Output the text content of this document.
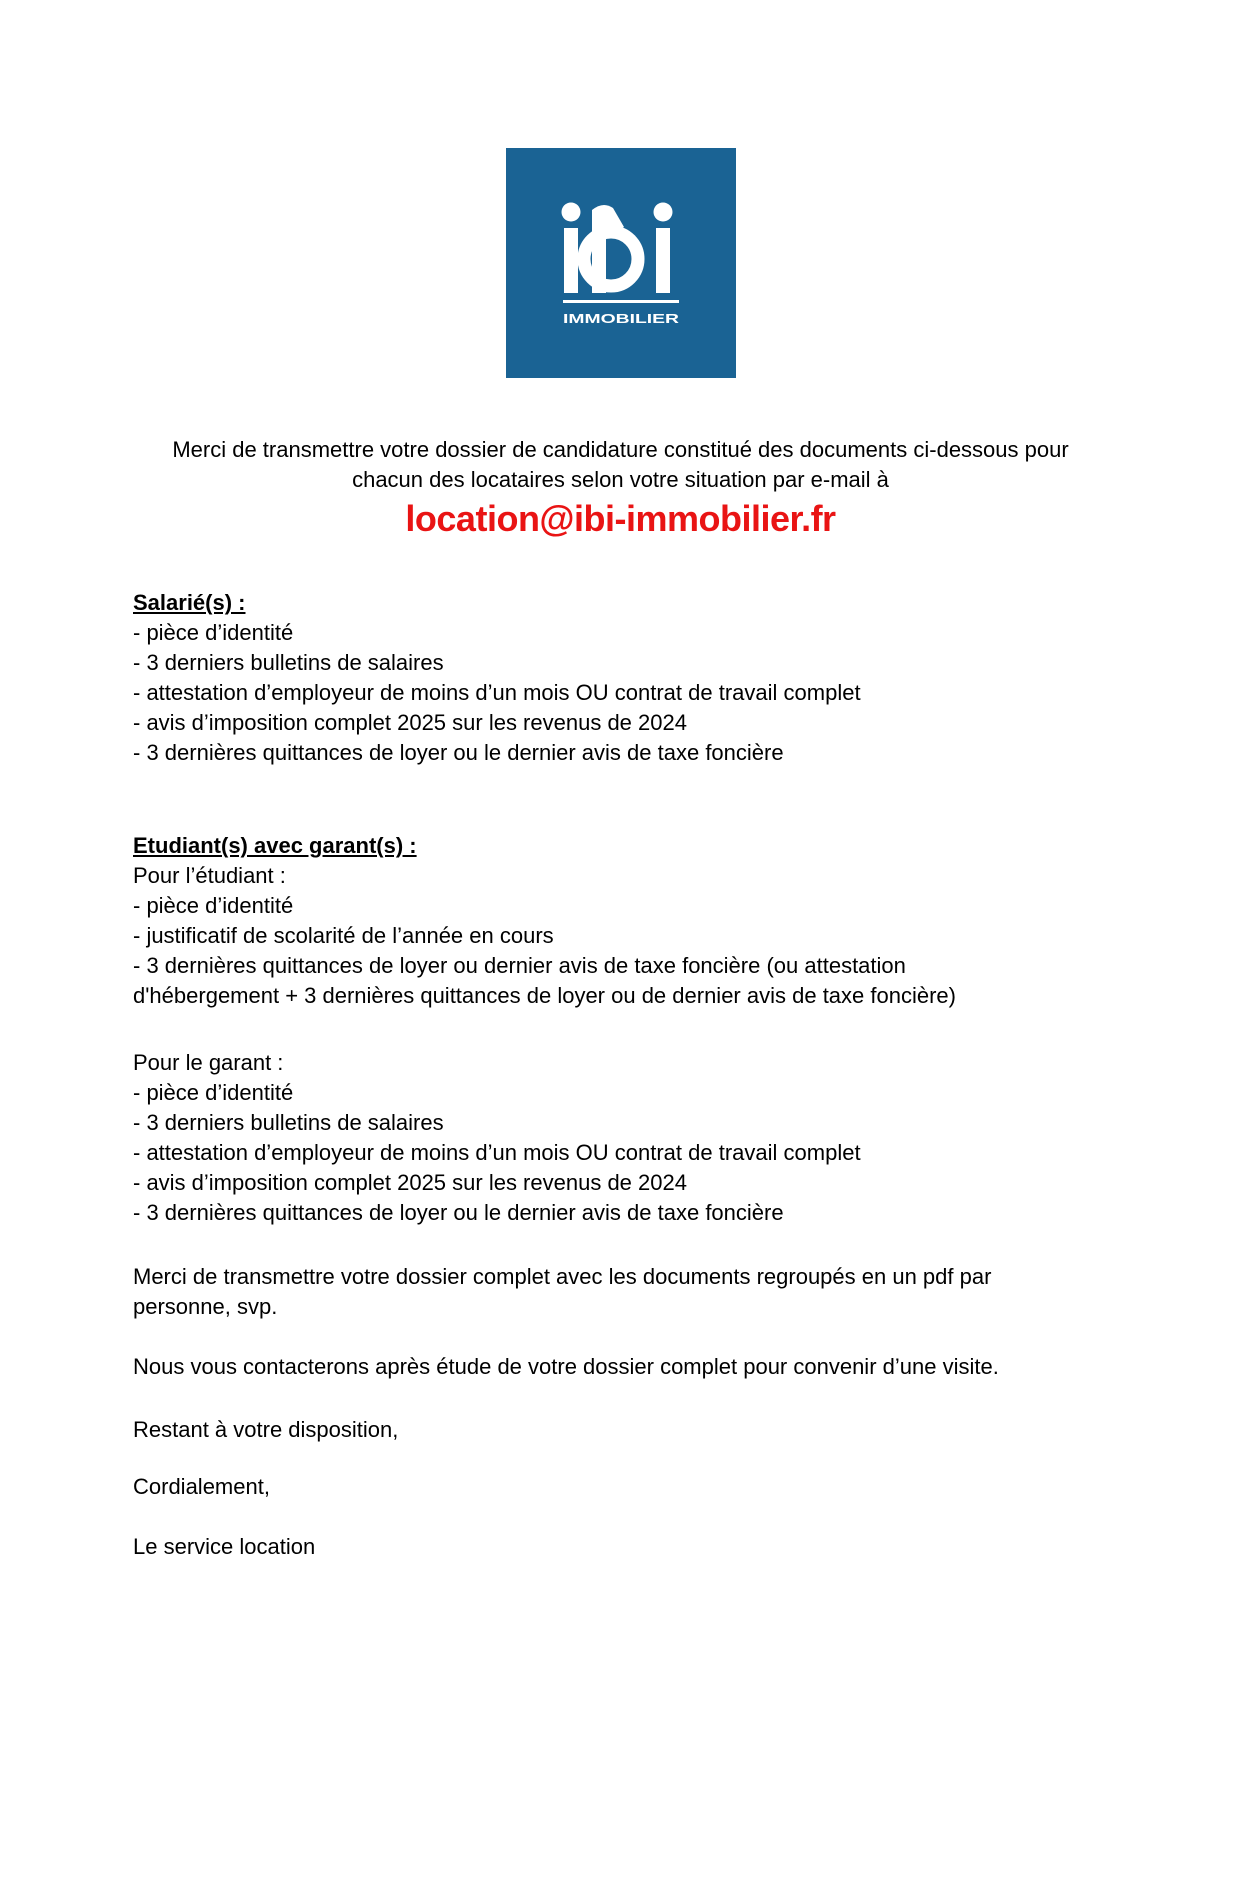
IMMOBILIER
Merci de transmettre votre dossier de candidature constitué des documents ci-dessous pour
chacun des locataires selon votre situation par e-mail à
location@ibi-immobilier.fr
Salarié(s) :
- pièce d’identité
- 3 derniers bulletins de salaires
- attestation d’employeur de moins d’un mois OU contrat de travail complet
- avis d’imposition complet 2025 sur les revenus de 2024
- 3 dernières quittances de loyer ou le dernier avis de taxe foncière
Etudiant(s) avec garant(s) :
Pour l’étudiant :
- pièce d’identité
- justificatif de scolarité de l’année en cours
- 3 dernières quittances de loyer ou dernier avis de taxe foncière (ou attestation
d'hébergement + 3 dernières quittances de loyer ou de dernier avis de taxe foncière)
Pour le garant :
- pièce d’identité
- 3 derniers bulletins de salaires
- attestation d’employeur de moins d’un mois OU contrat de travail complet
- avis d’imposition complet 2025 sur les revenus de 2024
- 3 dernières quittances de loyer ou le dernier avis de taxe foncière
Merci de transmettre votre dossier complet avec les documents regroupés en un pdf par
personne, svp.
Nous vous contacterons après étude de votre dossier complet pour convenir d’une visite.
Restant à votre disposition,
Cordialement,
Le service location
